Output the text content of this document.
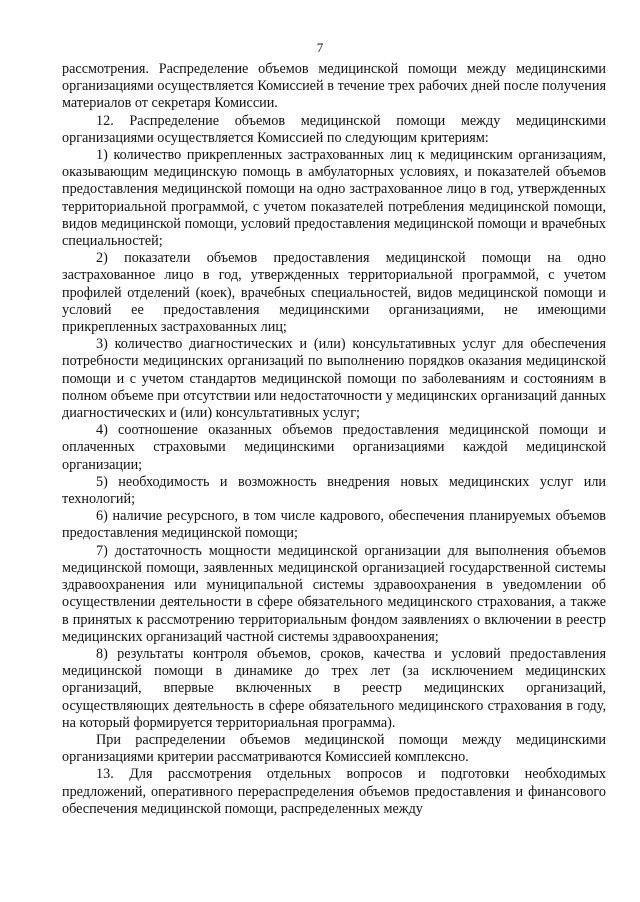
7

рассмотрения. Распределение объемов медицинской помощи между медицинскими организациями осуществляется Комиссией в течение трех рабочих дней после получения материалов от секретаря Комиссии.

12. Распределение объемов медицинской помощи между медицинскими организациями осуществляется Комиссией по следующим критериям:

1) количество прикрепленных застрахованных лиц к медицинским организациям, оказывающим медицинскую помощь в амбулаторных условиях, и показателей объемов предоставления медицинской помощи на одно застрахованное лицо в год, утвержденных территориальной программой, с учетом показателей потребления медицинской помощи, видов медицинской помощи, условий предоставления медицинской помощи и врачебных специальностей;

2) показатели объемов предоставления медицинской помощи на одно застрахованное лицо в год, утвержденных территориальной программой, с учетом профилей отделений (коек), врачебных специальностей, видов медицинской помощи и условий ее предоставления медицинскими организациями, не имеющими прикрепленных застрахованных лиц;

3) количество диагностических и (или) консультативных услуг для обеспечения потребности медицинских организаций по выполнению порядков оказания медицинской помощи и с учетом стандартов медицинской помощи по заболеваниям и состояниям в полном объеме при отсутствии или недостаточности у медицинских организаций данных диагностических и (или) консультативных услуг;

4) соотношение оказанных объемов предоставления медицинской помощи и оплаченных страховыми медицинскими организациями каждой медицинской организации;

5) необходимость и возможность внедрения новых медицинских услуг или технологий;

6) наличие ресурсного, в том числе кадрового, обеспечения планируемых объемов предоставления медицинской помощи;

7) достаточность мощности медицинской организации для выполнения объемов медицинской помощи, заявленных медицинской организацией государственной системы здравоохранения или муниципальной системы здравоохранения в уведомлении об осуществлении деятельности в сфере обязательного медицинского страхования, а также в принятых к рассмотрению территориальным фондом заявлениях о включении в реестр медицинских организаций частной системы здравоохранения;

8) результаты контроля объемов, сроков, качества и условий предоставления медицинской помощи в динамике до трех лет (за исключением медицинских организаций, впервые включенных в реестр медицинских организаций, осуществляющих деятельность в сфере обязательного медицинского страхования в году, на который формируется территориальная программа).

При распределении объемов медицинской помощи между медицинскими организациями критерии рассматриваются Комиссией комплексно.

13. Для рассмотрения отдельных вопросов и подготовки необходимых предложений, оперативного перераспределения объемов предоставления и финансового обеспечения медицинской помощи, распределенных между
